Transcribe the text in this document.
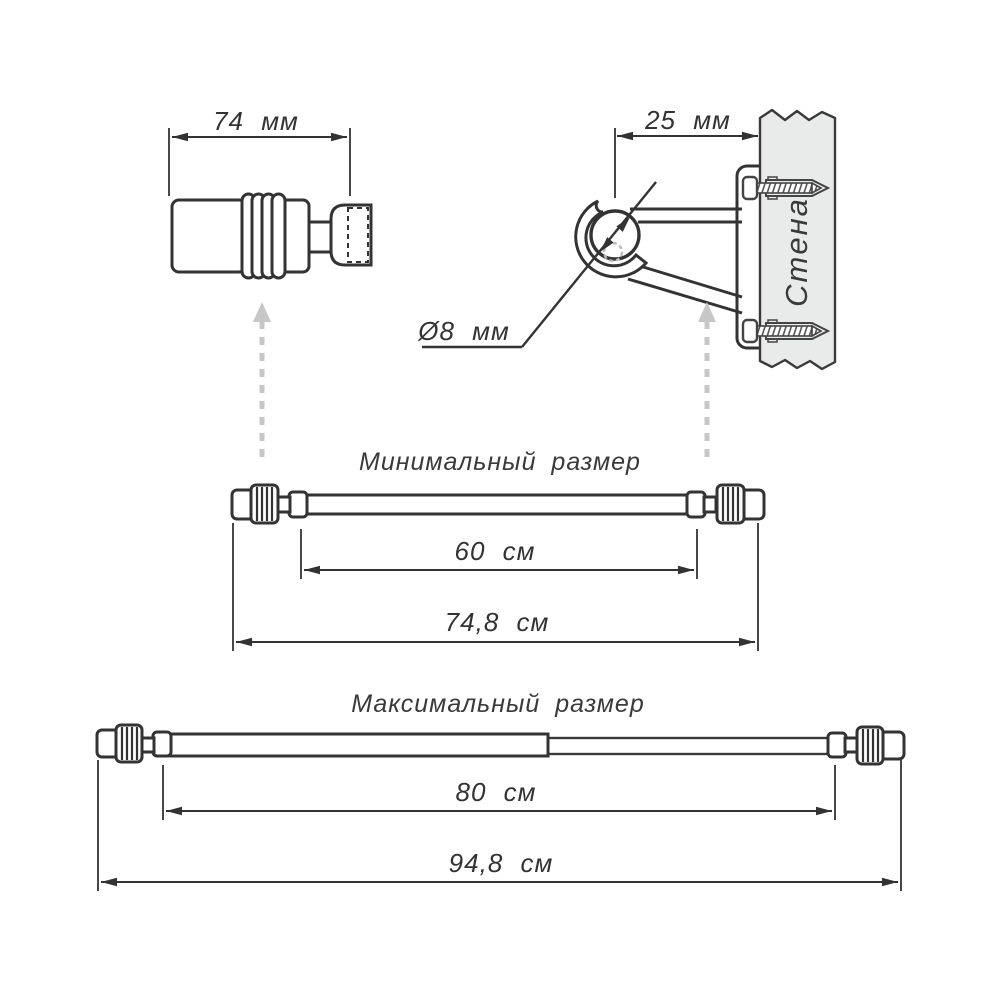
74 мм
Стена
25 мм
Ø8 мм
Минимальный размер
60 см
74,8 см
Максимальный размер
80 см
94,8 см
